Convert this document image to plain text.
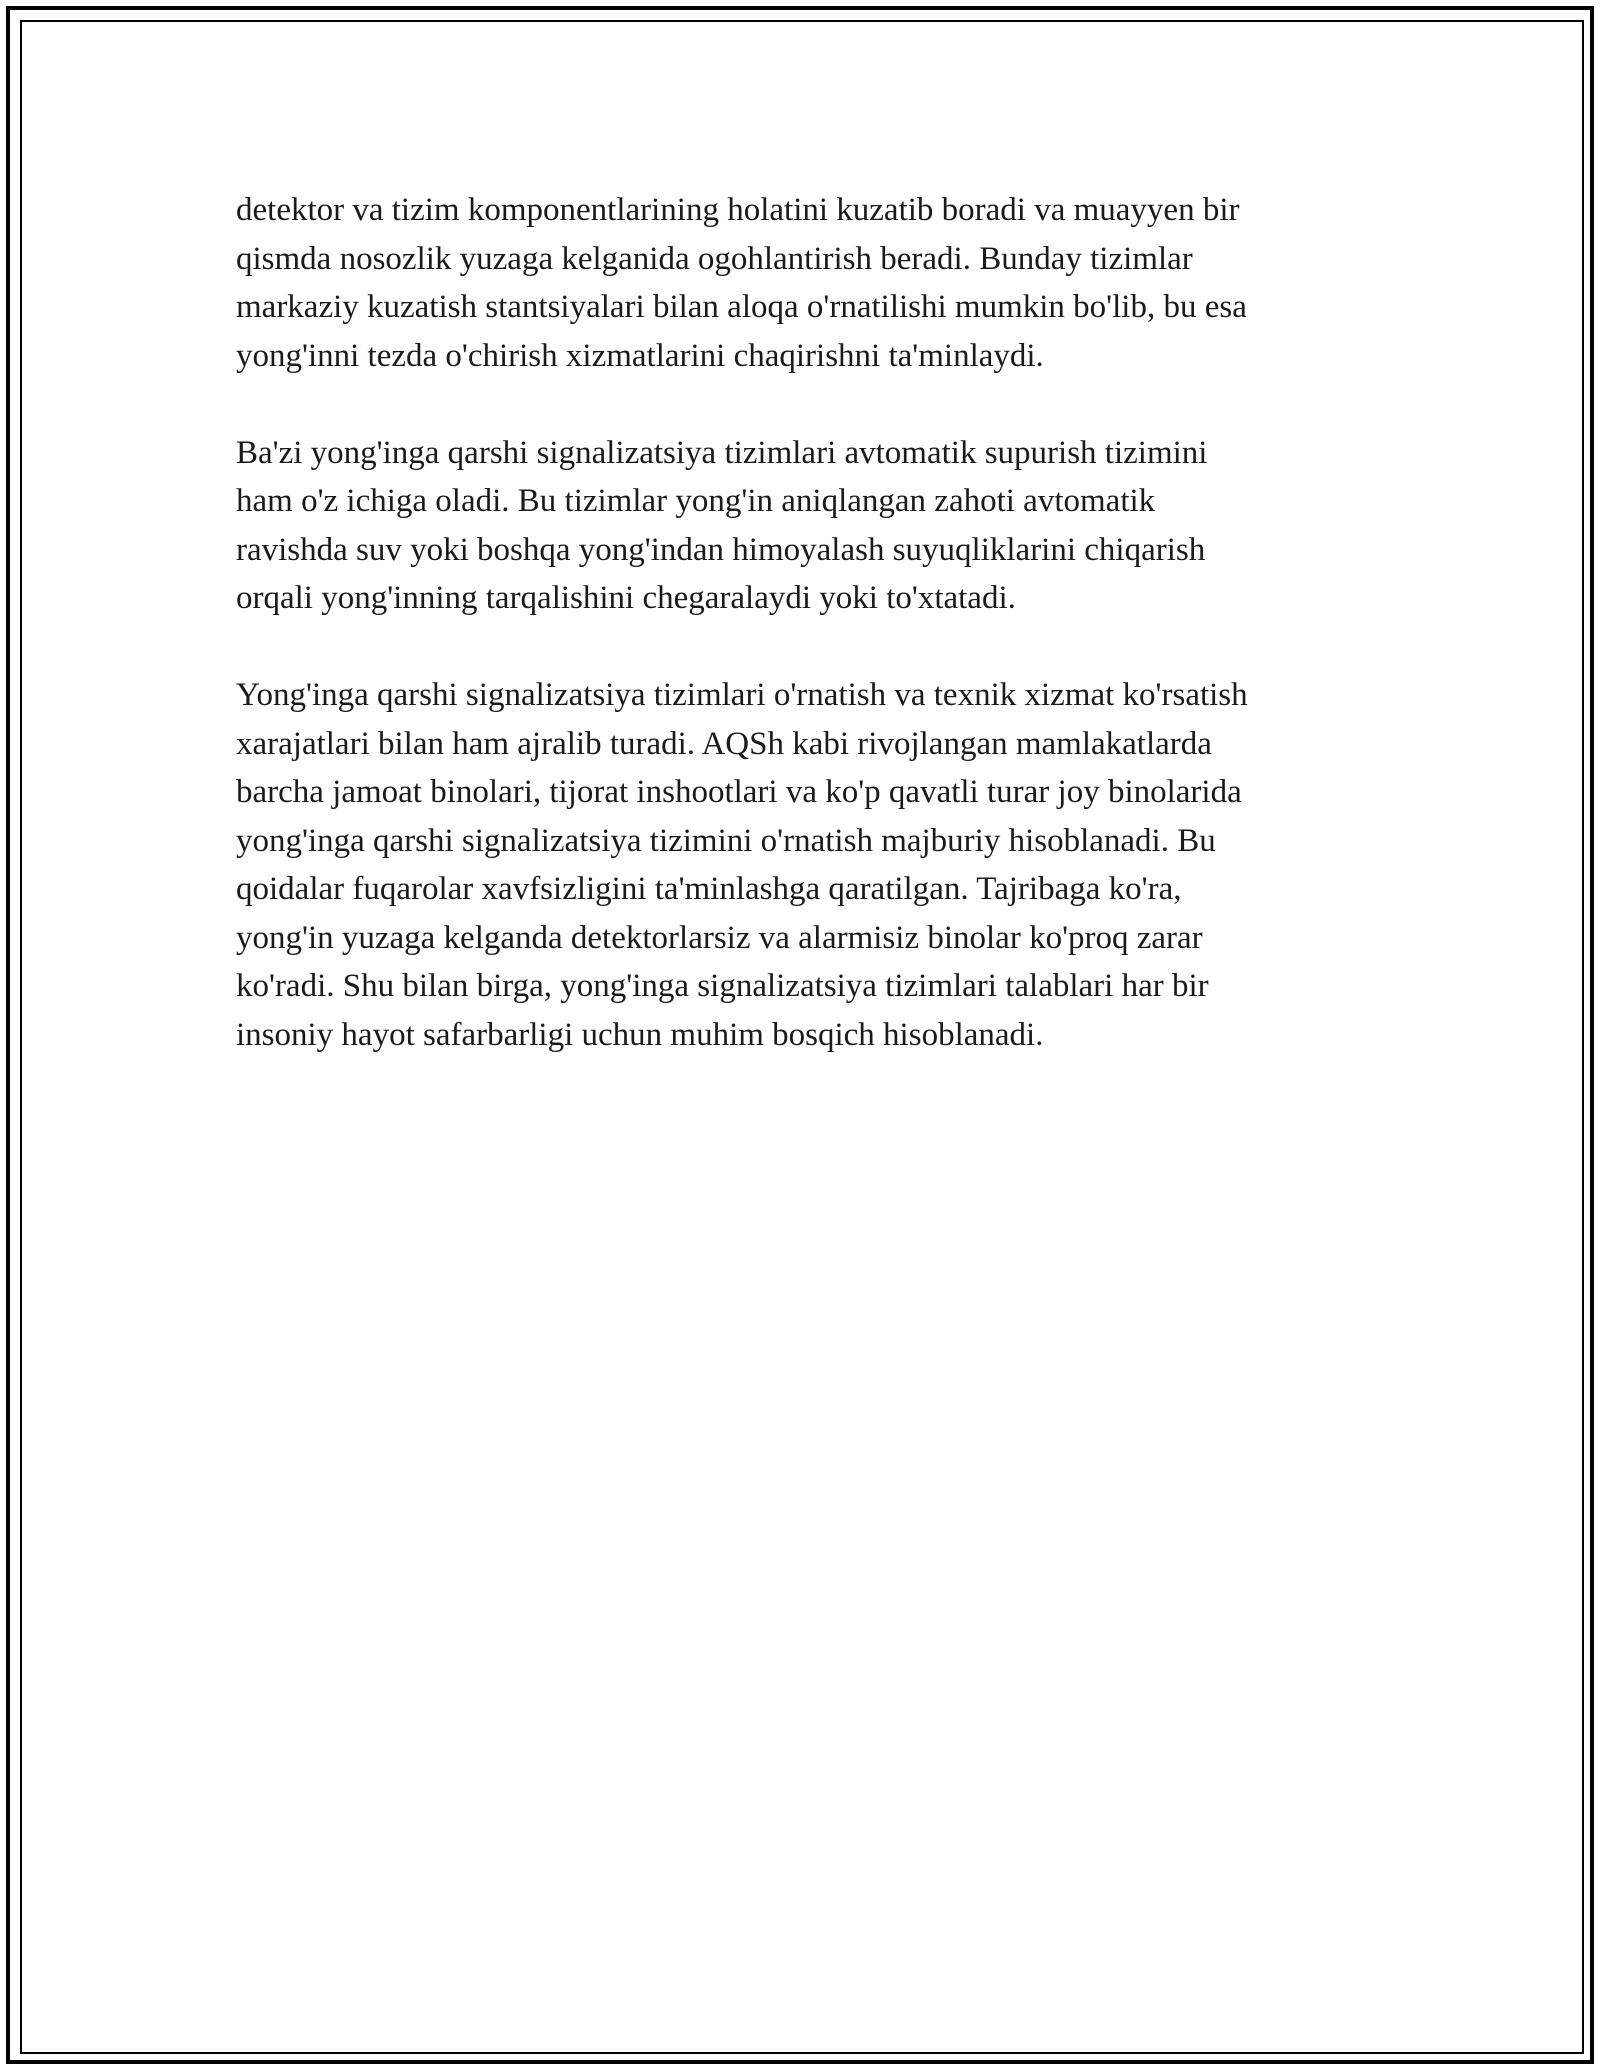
detektor va tizim komponentlarining holatini kuzatib boradi va muayyen bir
qismda nosozlik yuzaga kelganida ogohlantirish beradi. Bunday tizimlar
markaziy kuzatish stantsiyalari bilan aloqa o'rnatilishi mumkin bo'lib, bu esa
yong'inni tezda o'chirish xizmatlarini chaqirishni ta'minlaydi.

Ba'zi yong'inga qarshi signalizatsiya tizimlari avtomatik supurish tizimini
ham o'z ichiga oladi. Bu tizimlar yong'in aniqlangan zahoti avtomatik
ravishda suv yoki boshqa yong'indan himoyalash suyuqliklarini chiqarish
orqali yong'inning tarqalishini chegaralaydi yoki to'xtatadi.

Yong'inga qarshi signalizatsiya tizimlari o'rnatish va texnik xizmat ko'rsatish
xarajatlari bilan ham ajralib turadi. AQSh kabi rivojlangan mamlakatlarda
barcha jamoat binolari, tijorat inshootlari va ko'p qavatli turar joy binolarida
yong'inga qarshi signalizatsiya tizimini o'rnatish majburiy hisoblanadi. Bu
qoidalar fuqarolar xavfsizligini ta'minlashga qaratilgan. Tajribaga ko'ra,
yong'in yuzaga kelganda detektorlarsiz va alarmisiz binolar ko'proq zarar
ko'radi. Shu bilan birga, yong'inga signalizatsiya tizimlari talablari har bir
insoniy hayot safarbarligi uchun muhim bosqich hisoblanadi.
